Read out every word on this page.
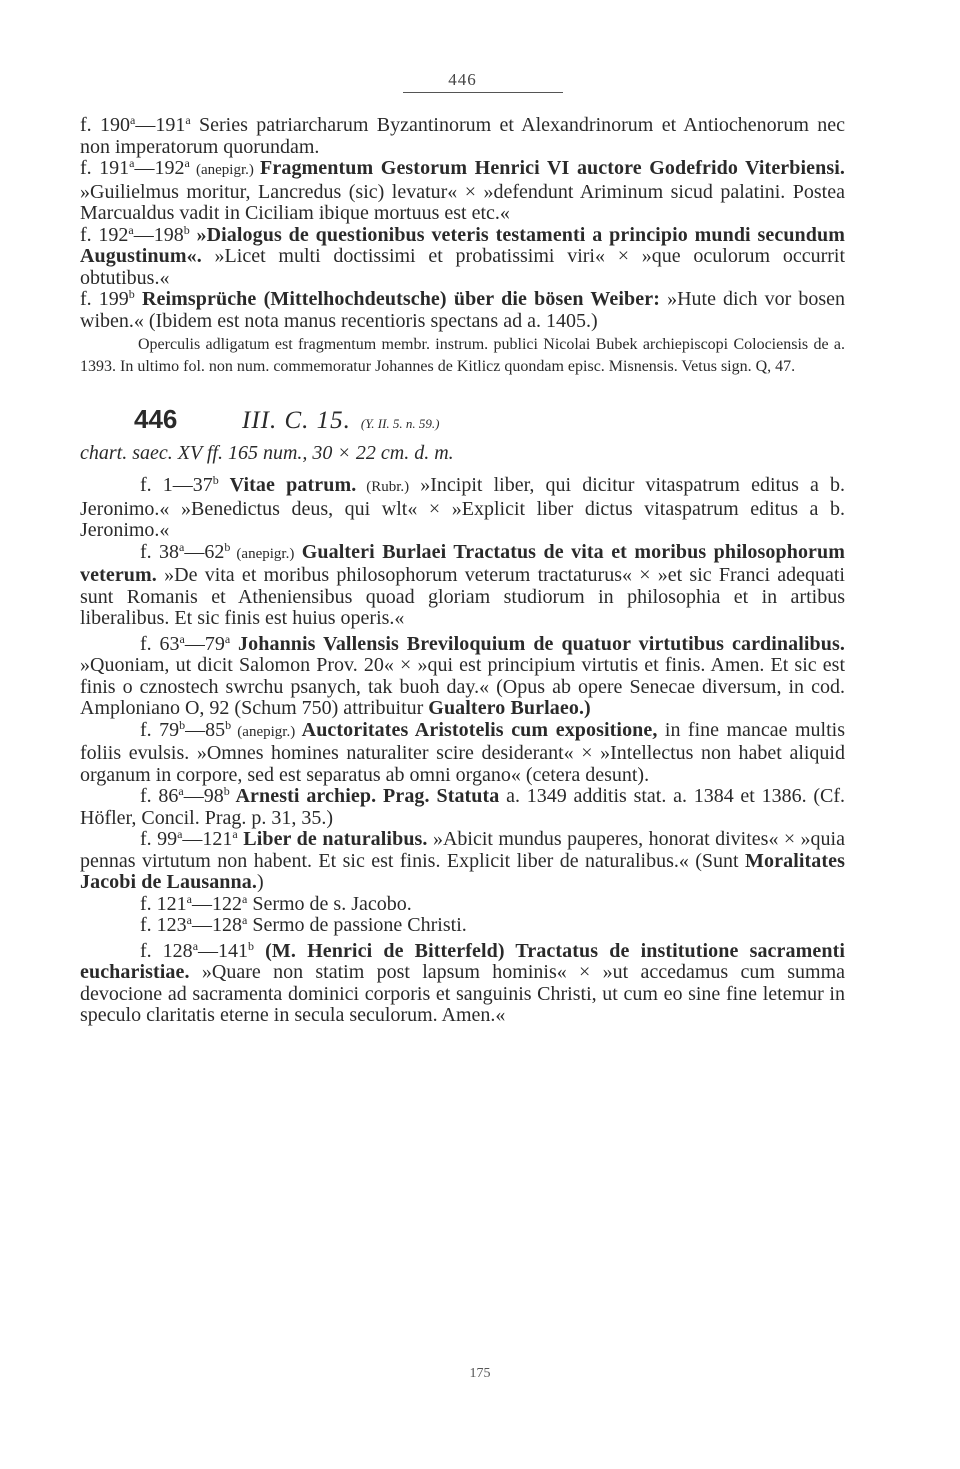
446

f. 190$^a$—191$^a$ Series patriarcharum Byzantinorum et Alexandrinorum et Antiochenorum nec non imperatorum quorundam.

f. 191$^a$—192$^a$ (anepigr.) Fragmentum Gestorum Henrici VI auctore Godefrido Viterbiensi. »Guilielmus moritur, Lancredus (sic) levatur« × »defendunt Ariminum sicud palatini. Postea Marcualdus vadit in Ciciliam ibique mortuus est etc.«

f. 192$^a$—198$^b$ »Dialogus de questionibus veteris testamenti a principio mundi secundum Augustinum«. »Licet multi doctissimi et probatissimi viri« × »que oculorum occurrit obtutibus.«

f. 199$^b$ Reimsprüche (Mittelhochdeutsche) über die bösen Weiber: »Hute dich vor bosen wiben.« (Ibidem est nota manus recentioris spectans ad a. 1405.)

Operculis adligatum est fragmentum membr. instrum. publici Nicolai Bubek archiepiscopi Colociensis de a. 1393. In ultimo fol. non num. commemoratur Johannes de Kitlicz quondam episc. Misnensis. Vetus sign. Q, 47.

446	III. C. 15. (Y. II. 5. n. 59.)
chart. saec. XV ff. 165 num., 30 × 22 cm. d. m.

f. 1—37$^b$ Vitae patrum. (Rubr.) »Incipit liber, qui dicitur vitaspatrum editus a b. Jeronimo.« »Benedictus deus, qui wlt« × »Explicit liber dictus vitaspatrum editus a b. Jeronimo.«

f. 38$^a$—62$^b$ (anepigr.) Gualteri Burlaei Tractatus de vita et moribus philosophorum veterum. »De vita et moribus philosophorum veterum tractaturus« × »et sic Franci adequati sunt Romanis et Atheniensibus quoad gloriam studiorum in philosophia et in artibus liberalibus. Et sic finis est huius operis.«

f. 63$^a$—79$^a$ Johannis Vallensis Breviloquium de quatuor virtutibus cardinalibus. »Quoniam, ut dicit Salomon Prov. 20« × »qui est principium virtutis et finis. Amen. Et sic est finis o cznostech swrchu psanych, tak buoh day.« (Opus ab opere Senecae diversum, in cod. Amploniano O, 92 (Schum 750) attribuitur Gualtero Burlaeo.)

f. 79$^b$—85$^b$ (anepigr.) Auctoritates Aristotelis cum expositione, in fine mancae multis foliis evulsis. »Omnes homines naturaliter scire desiderant« × »Intellectus non habet aliquid organum in corpore, sed est separatus ab omni organo« (cetera desunt).

f. 86$^a$—98$^b$ Arnesti archiep. Prag. Statuta a. 1349 additis stat. a. 1384 et 1386. (Cf. Höfler, Concil. Prag. p. 31, 35.)

f. 99$^a$—121$^a$ Liber de naturalibus. »Abicit mundus pauperes, honorat divites« × »quia pennas virtutum non habent. Et sic est finis. Explicit liber de naturalibus.« (Sunt Moralitates Jacobi de Lausanna.)

f. 121$^a$—122$^a$ Sermo de s. Jacobo.

f. 123$^a$—128$^a$ Sermo de passione Christi.

f. 128$^a$—141$^b$ (M. Henrici de Bitterfeld) Tractatus de institutione sacramenti eucharistiae. »Quare non statim post lapsum hominis« × »ut accedamus cum summa devocione ad sacramenta dominici corporis et sanguinis Christi, ut cum eo sine fine letemur in speculo claritatis eterne in secula seculorum. Amen.«

175
